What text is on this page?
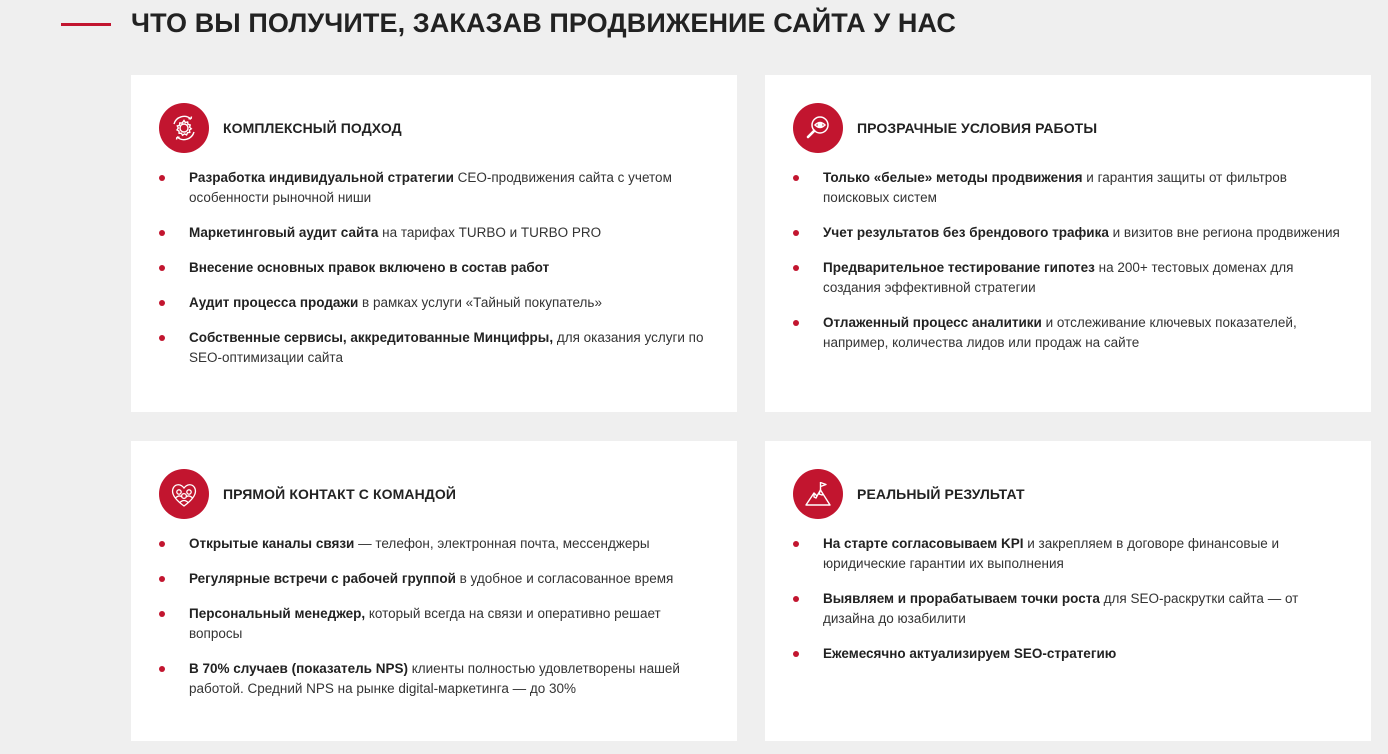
ЧТО ВЫ ПОЛУЧИТЕ, ЗАКАЗАВ ПРОДВИЖЕНИЕ САЙТА У НАС
КОМПЛЕКСНЫЙ ПОДХОД
Разработка индивидуальной стратегии СЕО-продвижения сайта с учетом особенности рыночной ниши
Маркетинговый аудит сайта на тарифах TURBO и TURBO PRO
Внесение основных правок включено в состав работ
Аудит процесса продажи в рамках услуги «Тайный покупатель»
Собственные сервисы, аккредитованные Минцифры, для оказания услуги по SEO-оптимизации сайта
ПРОЗРАЧНЫЕ УСЛОВИЯ РАБОТЫ
Только «белые» методы продвижения и гарантия защиты от фильтров поисковых систем
Учет результатов без брендового трафика и визитов вне региона продвижения
Предварительное тестирование гипотез на 200+ тестовых доменах для создания эффективной стратегии
Отлаженный процесс аналитики и отслеживание ключевых показателей, например, количества лидов или продаж на сайте
ПРЯМОЙ КОНТАКТ С КОМАНДОЙ
Открытые каналы связи — телефон, электронная почта, мессенджеры
Регулярные встречи с рабочей группой в удобное и согласованное время
Персональный менеджер, который всегда на связи и оперативно решает вопросы
В 70% случаев (показатель NPS) клиенты полностью удовлетворены нашей работой. Средний NPS на рынке digital-маркетинга — до 30%
РЕАЛЬНЫЙ РЕЗУЛЬТАТ
На старте согласовываем KPI и закрепляем в договоре финансовые и юридические гарантии их выполнения
Выявляем и прорабатываем точки роста для SEO-раскрутки сайта — от дизайна до юзабилити
Ежемесячно актуализируем SEO-стратегию
